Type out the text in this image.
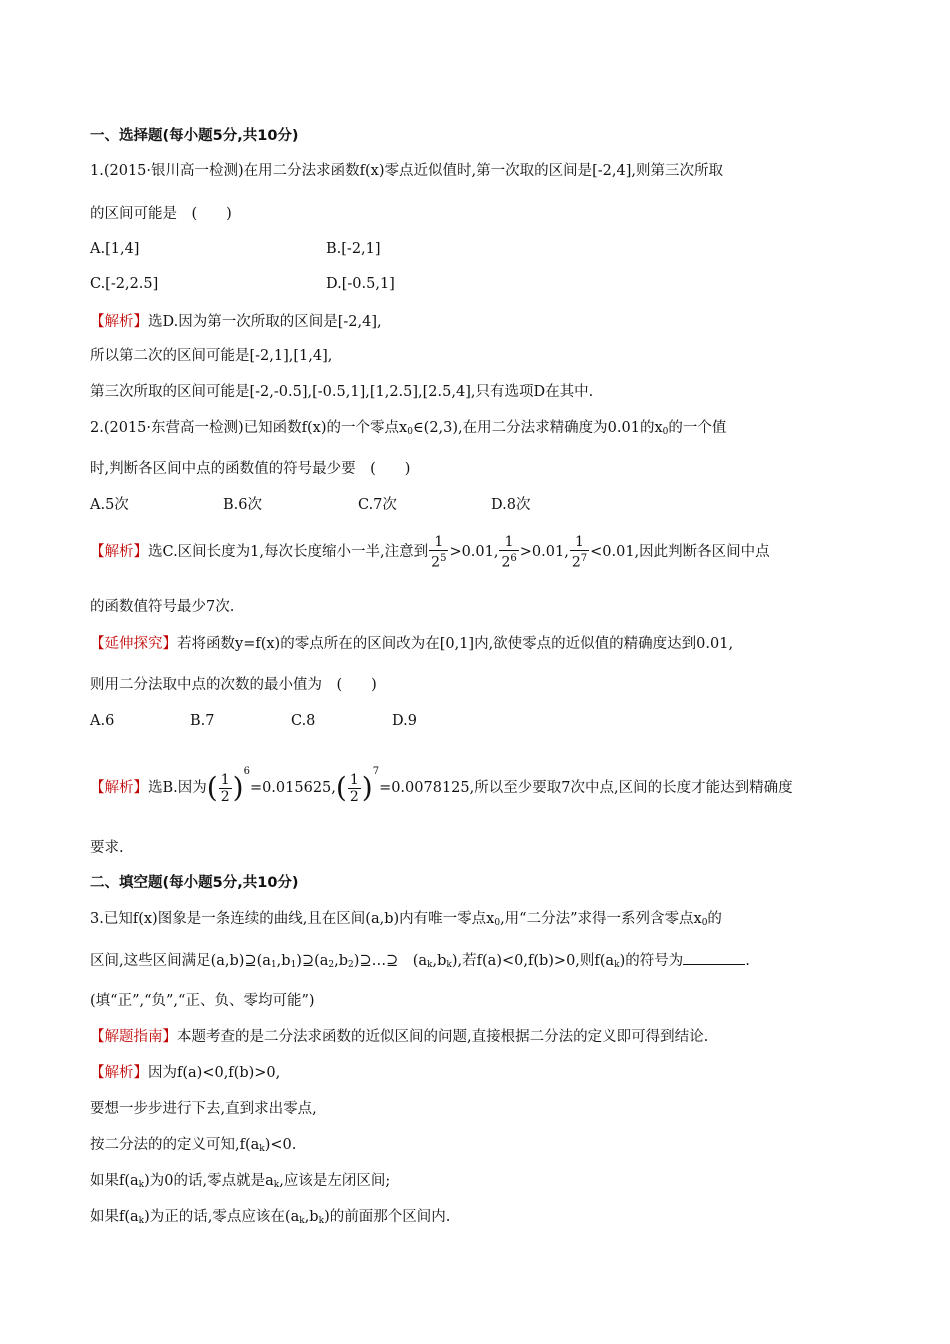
一、选择题(每小题5分,共10分)
1.(2015·银川高一检测)在用二分法求函数f(x)零点近似值时,第一次取的区间是[-2,4],则第三次所取
的区间可能是　(　　)
A.[1,4]	B.[-2,1]
C.[-2,2.5]	D.[-0.5,1]
【解析】选D.因为第一次所取的区间是[-2,4],
所以第二次的区间可能是[-2,1],[1,4],
第三次所取的区间可能是[-2,-0.5],[-0.5,1],[1,2.5],[2.5,4],只有选项D在其中.
2.(2015·东营高一检测)已知函数f(x)的一个零点$x_0\in(2,3)$,在用二分法求精确度为0.01的$x_0$的一个值
时,判断各区间中点的函数值的符号最少要　(　　)
A.5次	B.6次	C.7次	D.8次
【解析】选C.区间长度为1,每次长度缩小一半,注意到 $\frac{1}{2^5} >0.01$, $\frac{1}{2^6} >0.01$, $\frac{1}{2^7} <0.01$,因此判断各区间中点
的函数值符号最少7次.
【延伸探究】若将函数y=f(x)的零点所在的区间改为在[0,1]内,欲使零点的近似值的精确度达到0.01,
则用二分法取中点的次数的最小值为　(　　)
A.6	B.7	C.8	D.9
【解析】选B.因为( $\frac{1}{2} )^6=0.015625,( \frac{1}{2} )^7=0.0078125$,所以至少要取7次中点,区间的长度才能达到精确度
要求.
二、填空题(每小题5分,共10分)
3.已知f(x)图象是一条连续的曲线,且在区间(a,b)内有唯一零点$x_0$,用“二分法”求得一系列含零点$x_0$的
区间,这些区间满足$(a,b)⊇(a_1,b_1)⊇(a_2,b_2)⊇\dots⊇$　$(a_k,b_k)$,若f(a)<0,f(b)>0,则$f(a_k)$的符号为	.
(填“正”,“负”,“正、负、零均可能”)
【解题指南】本题考查的是二分法求函数的近似区间的问题,直接根据二分法的定义即可得到结论.
【解析】因为f(a)<0,f(b)>0,
要想一步步进行下去,直到求出零点,
按二分法的的定义可知$,f(a_k)<0$.
如果$f(a_k)$为0的话,零点就是$a_k$,应该是左闭区间;
如果$f(a_k)$为正的话,零点应该在$(a_k,b_k)$的前面那个区间内.
